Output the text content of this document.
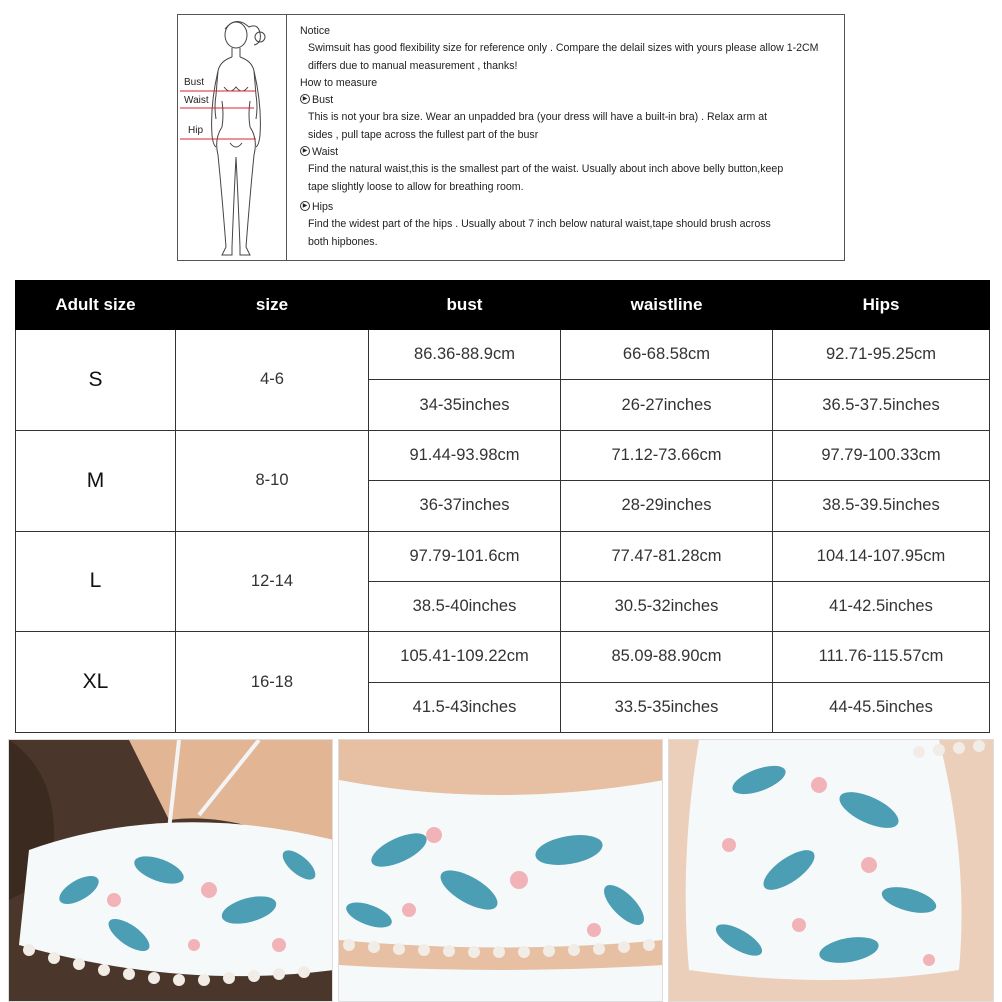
Bust
Waist
Hip
Notice
Swimsuit has good flexibility size for reference only . Compare the delail sizes with yours please allow 1-2CM
differs due to manual measurement , thanks!
How to measure
▶ Bust
This is not your bra size. Wear an unpadded bra (your dress will have a built-in bra) . Relax arm at
sides , pull tape across the fullest part of the busr
▶ Waist
Find the natural waist,this is the smallest part of the waist. Usually about inch above belly button,keep
tape slightly loose to allow for breathing room.
▶ Hips
Find the widest part of the hips . Usually about 7 inch below natural waist,tape should brush across
both hipbones.
Adult size	size	bust	waistline	Hips
S	4-6	86.36-88.9cm	66-68.58cm	92.71-95.25cm
		34-35inches	26-27inches	36.5-37.5inches
M	8-10	91.44-93.98cm	71.12-73.66cm	97.79-100.33cm
		36-37inches	28-29inches	38.5-39.5inches
L	12-14	97.79-101.6cm	77.47-81.28cm	104.14-107.95cm
		38.5-40inches	30.5-32inches	41-42.5inches
XL	16-18	105.41-109.22cm	85.09-88.90cm	111.76-115.57cm
		41.5-43inches	33.5-35inches	44-45.5inches
